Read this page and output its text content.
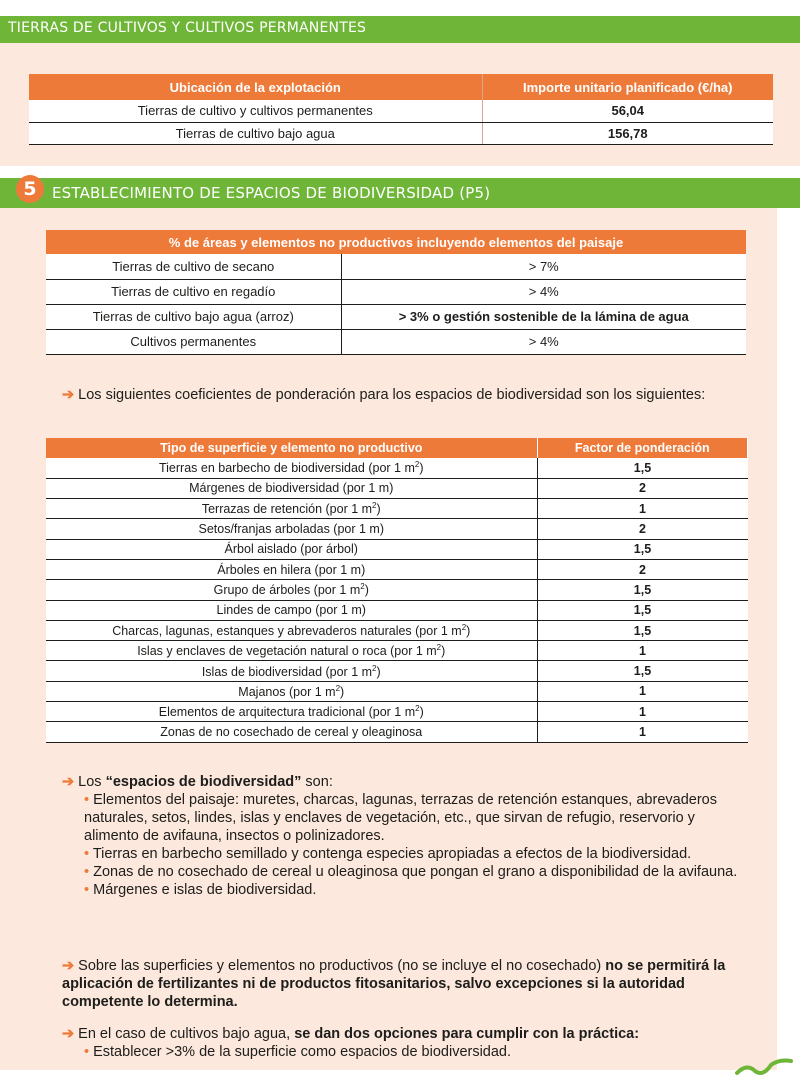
TIERRAS DE CULTIVOS Y CULTIVOS PERMANENTES
Ubicación de la explotación	Importe unitario planificado (€/ha)
Tierras de cultivo y cultivos permanentes	56,04
Tierras de cultivo bajo agua	156,78
5	ESTABLECIMIENTO DE ESPACIOS DE BIODIVERSIDAD (P5)
% de áreas y elementos no productivos incluyendo elementos del paisaje	
Tierras de cultivo de secano	> 7%
Tierras de cultivo en regadío	> 4%
Tierras de cultivo bajo agua (arroz)	> 3% o gestión sostenible de la lámina de agua
Cultivos permanentes	> 4%
➔ Los siguientes coeficientes de ponderación para los espacios de biodiversidad son los siguientes:
Tipo de superficie y elemento no productivo	Factor de ponderación
Tierras en barbecho de biodiversidad (por 1 $m^2$)	1,5
Márgenes de biodiversidad (por 1 m)	2
Terrazas de retención (por 1 $m^2$)	1
Setos/franjas arboladas (por 1 m)	2
Árbol aislado (por árbol)	1,5
Árboles en hilera (por 1 m)	2
Grupo de árboles (por 1 $m^2$)	1,5
Lindes de campo (por 1 m)	1,5
Charcas, lagunas, estanques y abrevaderos naturales (por 1 $m^2$)	1,5
Islas y enclaves de vegetación natural o roca (por 1 $m^2$)	1
Islas de biodiversidad (por 1 $m^2$)	1,5
Majanos (por 1 $m^2$)	1
Elementos de arquitectura tradicional (por 1 $m^2$)	1
Zonas de no cosechado de cereal y oleaginosa	1
➔ Los “espacios de biodiversidad” son:
• Elementos del paisaje: muretes, charcas, lagunas, terrazas de retención estanques, abrevaderos naturales, setos, lindes, islas y enclaves de vegetación, etc., que sirvan de refugio, reservorio y alimento de avifauna, insectos o polinizadores.
• Tierras en barbecho semillado y contenga especies apropiadas a efectos de la biodiversidad.
• Zonas de no cosechado de cereal u oleaginosa que pongan el grano a disponibilidad de la avifauna.
• Márgenes e islas de biodiversidad.
➔ Sobre las superficies y elementos no productivos (no se incluye el no cosechado) no se permitirá la aplicación de fertilizantes ni de productos fitosanitarios, salvo excepciones si la autoridad competente lo determina.
➔ En el caso de cultivos bajo agua, se dan dos opciones para cumplir con la práctica:
• Establecer >3% de la superficie como espacios de biodiversidad.
